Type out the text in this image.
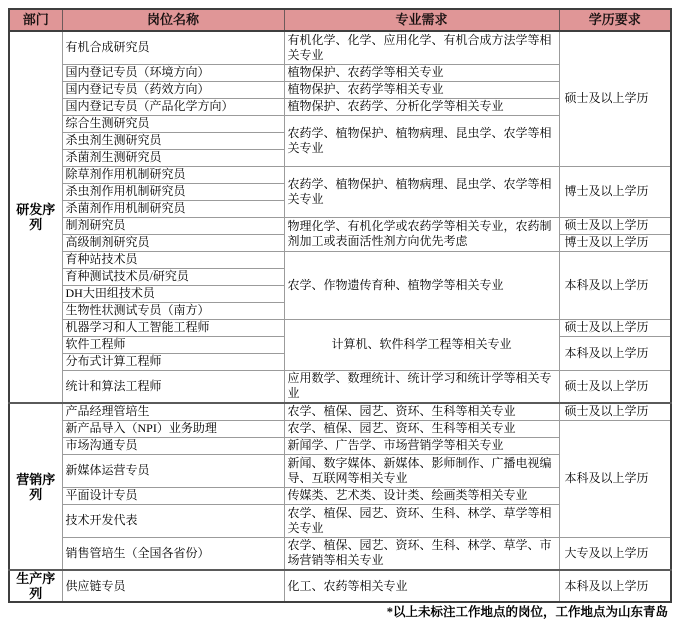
部门	岗位名称	专业需求	学历要求
研发序列	有机合成研究员	有机化学、化学、应用化学、有机合成方法学等相关专业	硕士及以上学历
	国内登记专员（环境方向）	植物保护、农药学等相关专业	
	国内登记专员（药效方向）	植物保护、农药学等相关专业	
	国内登记专员（产品化学方向）	植物保护、农药学、分析化学等相关专业	
	综合生测研究员	农药学、植物保护、植物病理、昆虫学、农学等相关专业	
	杀虫剂生测研究员		
	杀菌剂生测研究员		
	除草剂作用机制研究员	农药学、植物保护、植物病理、昆虫学、农学等相关专业	博士及以上学历
	杀虫剂作用机制研究员		
	杀菌剂作用机制研究员		
	制剂研究员	物理化学、有机化学或农药学等相关专业，农药制剂加工或表面活性剂方向优先考虑	硕士及以上学历
	高级制剂研究员		博士及以上学历
	育种站技术员	农学、作物遗传育种、植物学等相关专业	本科及以上学历
	育种测试技术员/研究员		
	DH大田组技术员		
	生物性状测试专员（南方）		
	机器学习和人工智能工程师	计算机、软件科学工程等相关专业	硕士及以上学历
	软件工程师		本科及以上学历
	分布式计算工程师		
	统计和算法工程师	应用数学、数理统计、统计学习和统计学等相关专业	硕士及以上学历
营销序列	产品经理管培生	农学、植保、园艺、资环、生科等相关专业	硕士及以上学历
	新产品导入（NPI）业务助理	农学、植保、园艺、资环、生科等相关专业	本科及以上学历
	市场沟通专员	新闻学、广告学、市场营销学等相关专业	
	新媒体运营专员	新闻、数字媒体、新媒体、影师制作、广播电视编导、互联网等相关专业	
	平面设计专员	传媒类、艺术类、设计类、绘画类等相关专业	
	技术开发代表	农学、植保、园艺、资环、生科、林学、草学等相关专业	
	销售管培生（全国各省份）	农学、植保、园艺、资环、生科、林学、草学、市场营销等相关专业	大专及以上学历
生产序列	供应链专员	化工、农药等相关专业	本科及以上学历
*以上未标注工作地点的岗位，工作地点为山东青岛
